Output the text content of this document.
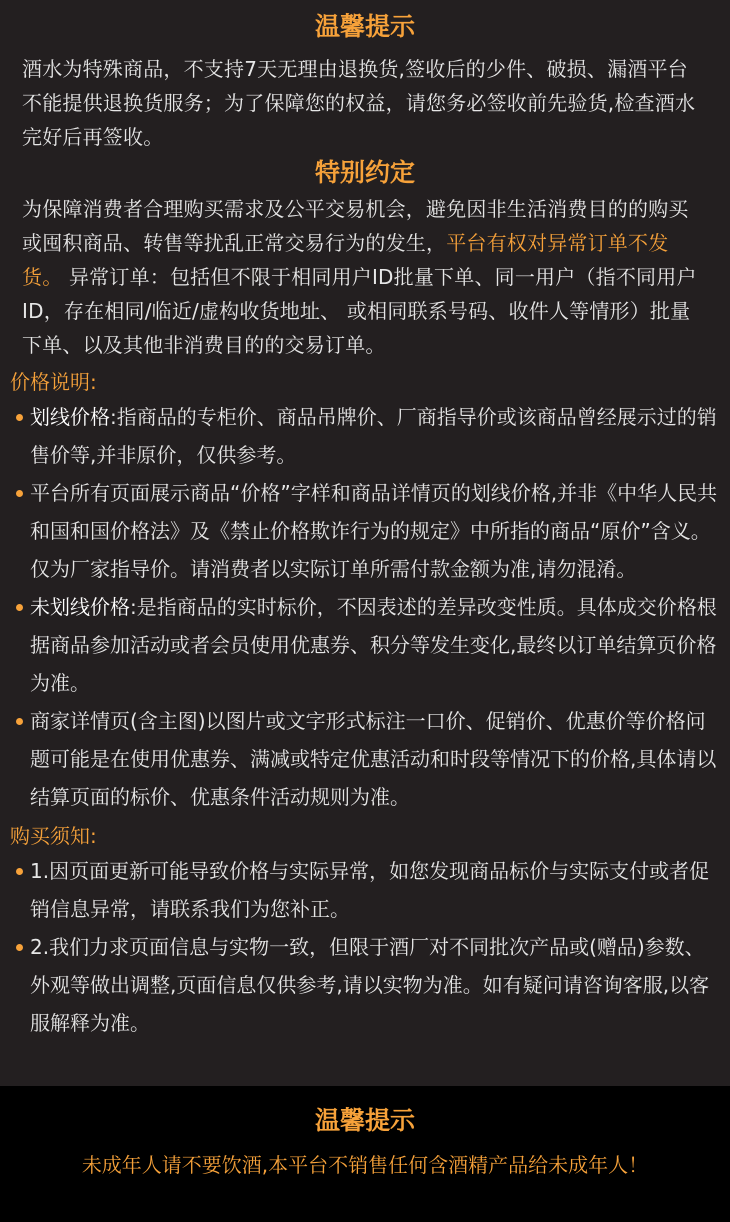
温馨提示

酒水为特殊商品，不支持7天无理由退换货,签收后的少件、破损、漏酒平台不能提供退换货服务；为了保障您的权益，请您务必签收前先验货,检查酒水完好后再签收。

特别约定

为保障消费者合理购买需求及公平交易机会，避免因非生活消费目的的购买或囤积商品、转售等扰乱正常交易行为的发生，平台有权对异常订单不发货。 异常订单：包括但不限于相同用户ID批量下单、同一用户（指不同用户ID，存在相同/临近/虚构收货地址、 或相同联系号码、收件人等情形）批量下单、以及其他非消费目的的交易订单。

价格说明:
划线价格:指商品的专柜价、商品吊牌价、厂商指导价或该商品曾经展示过的销售价等,并非原价，仅供参考。
平台所有页面展示商品“价格”字样和商品详情页的划线价格,并非《中华人民共和国和国价格法》及《禁止价格欺诈行为的规定》中所指的商品“原价”含义。仅为厂家指导价。请消费者以实际订单所需付款金额为准,请勿混淆。
未划线价格:是指商品的实时标价，不因表述的差异改变性质。具体成交价格根据商品参加活动或者会员使用优惠券、积分等发生变化,最终以订单结算页价格为准。
商家详情页(含主图)以图片或文字形式标注一口价、促销价、优惠价等价格问题可能是在使用优惠券、满减或特定优惠活动和时段等情况下的价格,具体请以结算页面的标价、优惠条件活动规则为准。
购买须知:
1.因页面更新可能导致价格与实际异常，如您发现商品标价与实际支付或者促销信息异常，请联系我们为您补正。
2.我们力求页面信息与实物一致，但限于酒厂对不同批次产品或(赠品)参数、外观等做出调整,页面信息仅供参考,请以实物为准。如有疑问请咨询客服,以客服解释为准。
温馨提示

未成年人请不要饮酒,本平台不销售任何含酒精产品给未成年人！
